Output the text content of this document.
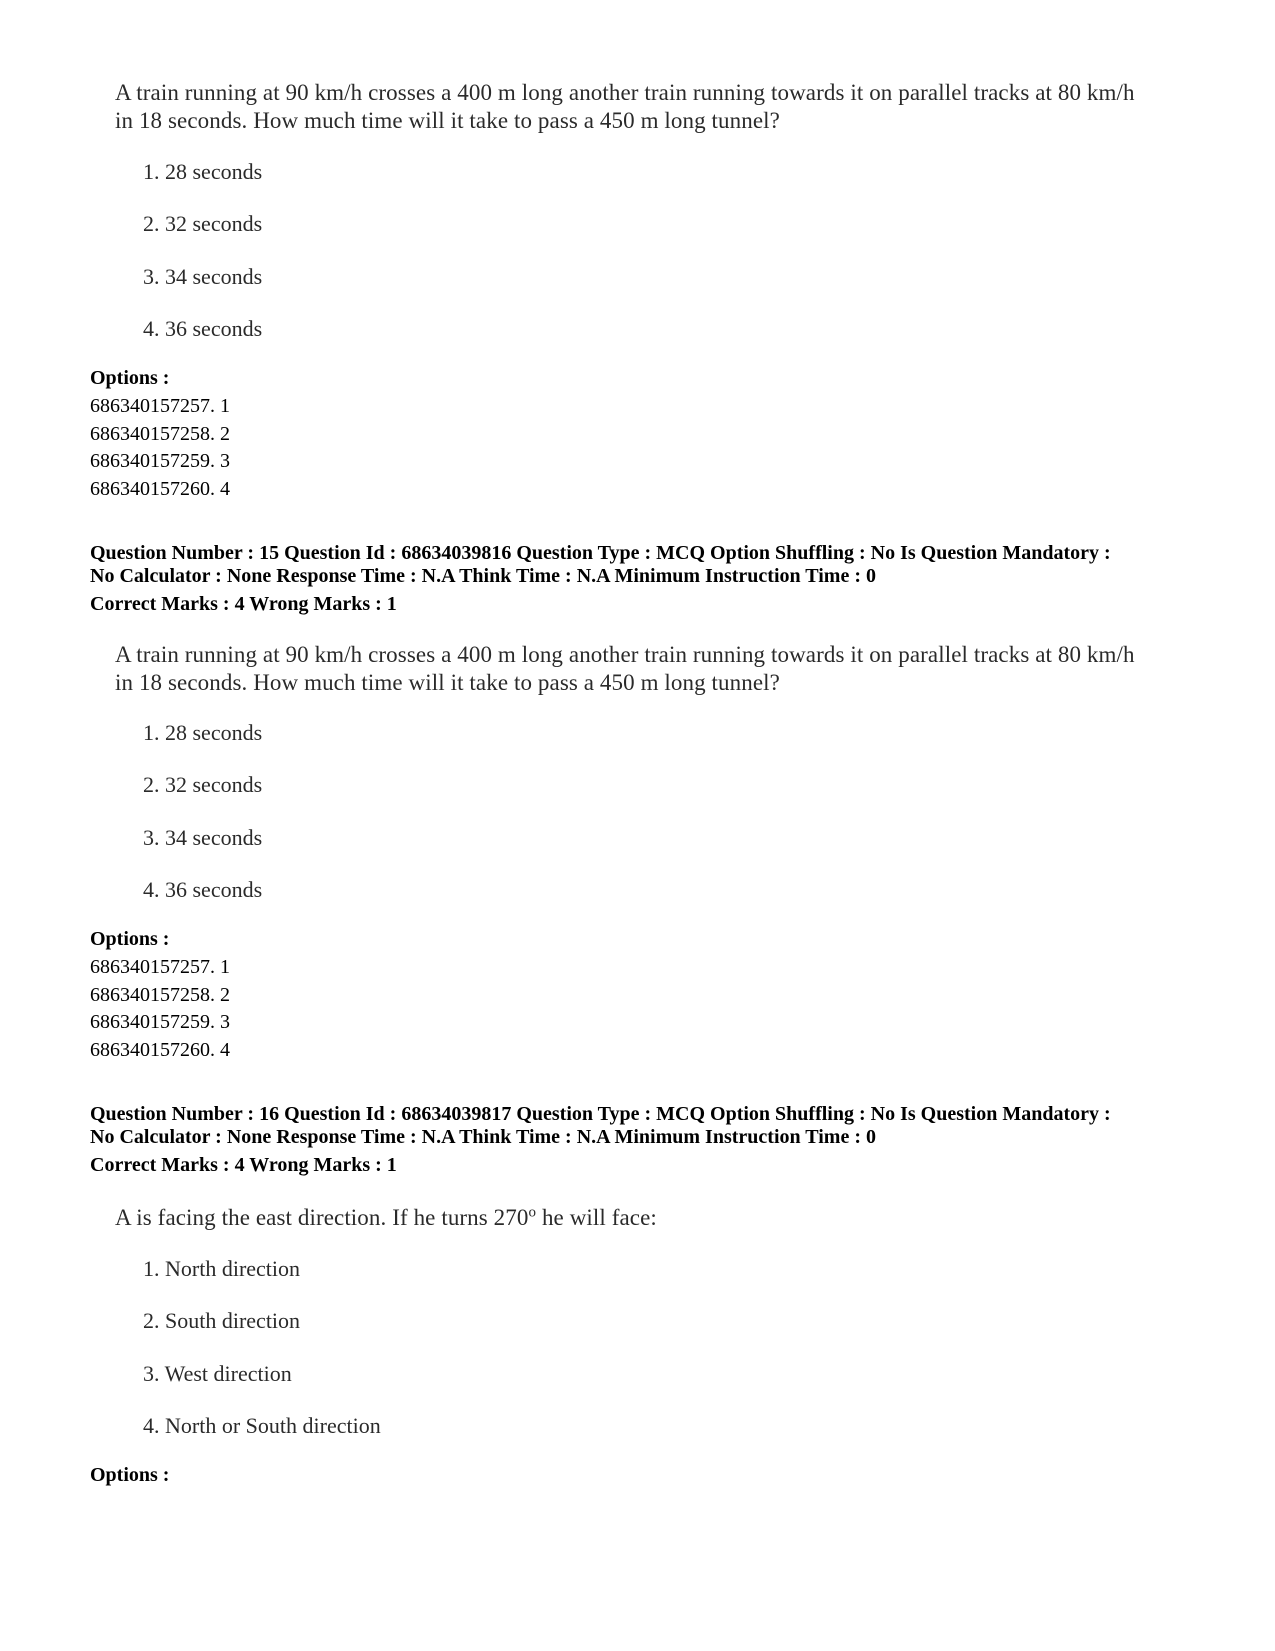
A train running at 90 km/h crosses a 400 m long another train running towards it on parallel tracks at 80 km/h
in 18 seconds. How much time will it take to pass a 450 m long tunnel?
1. 28 seconds
2. 32 seconds
3. 34 seconds
4. 36 seconds
Options :
686340157257. 1
686340157258. 2
686340157259. 3
686340157260. 4
Question Number : 15 Question Id : 68634039816 Question Type : MCQ Option Shuffling : No Is Question Mandatory :
No Calculator : None Response Time : N.A Think Time : N.A Minimum Instruction Time : 0
Correct Marks : 4 Wrong Marks : 1
A train running at 90 km/h crosses a 400 m long another train running towards it on parallel tracks at 80 km/h
in 18 seconds. How much time will it take to pass a 450 m long tunnel?
1. 28 seconds
2. 32 seconds
3. 34 seconds
4. 36 seconds
Options :
686340157257. 1
686340157258. 2
686340157259. 3
686340157260. 4
Question Number : 16 Question Id : 68634039817 Question Type : MCQ Option Shuffling : No Is Question Mandatory :
No Calculator : None Response Time : N.A Think Time : N.A Minimum Instruction Time : 0
Correct Marks : 4 Wrong Marks : 1
A is facing the east direction. If he turns 270$^o$ he will face:
1. North direction
2. South direction
3. West direction
4. North or South direction
Options :
